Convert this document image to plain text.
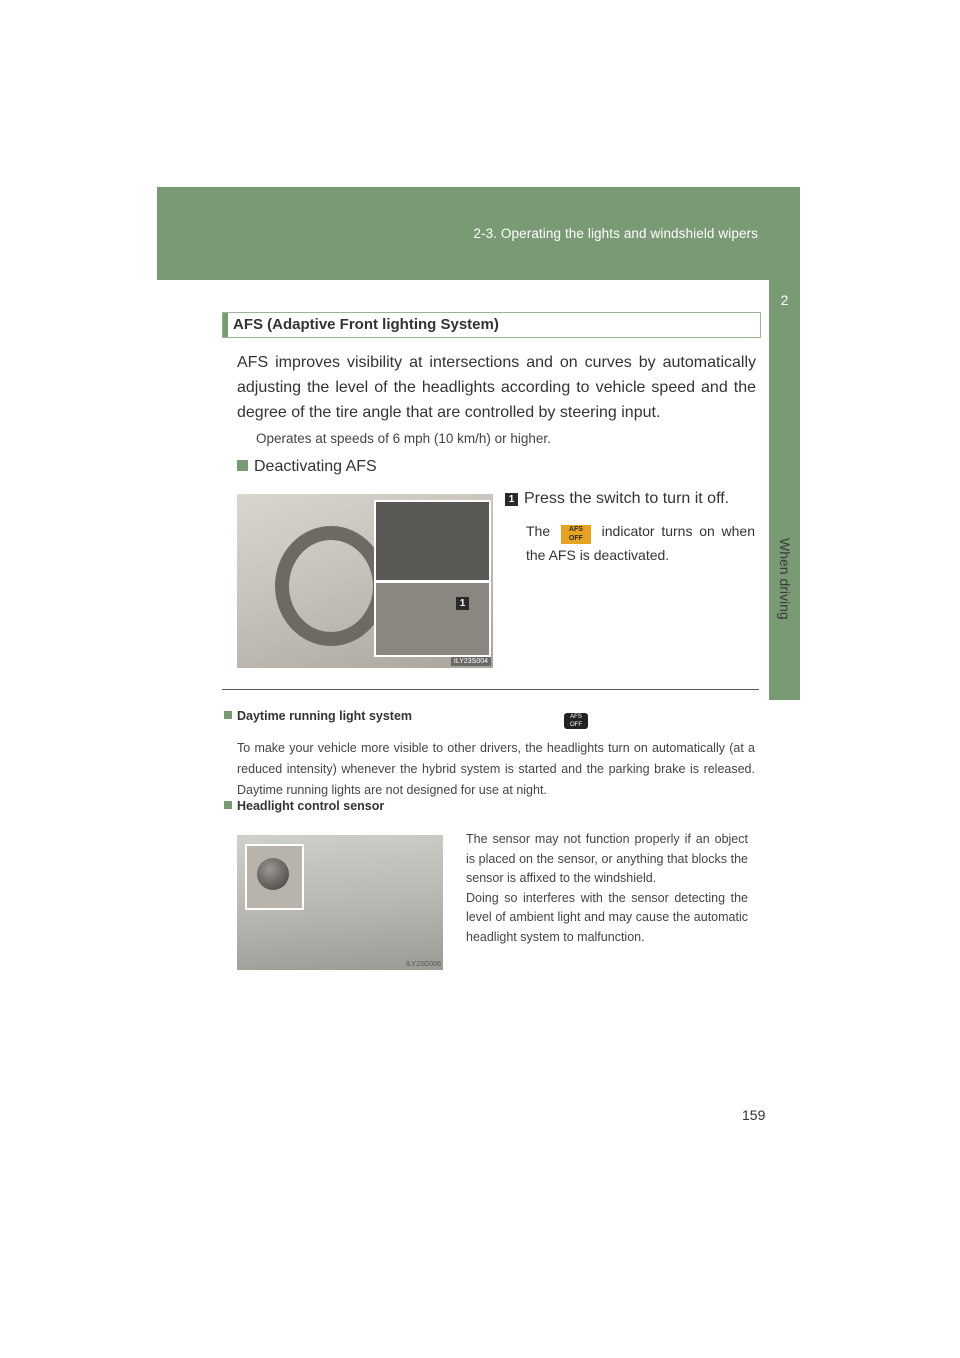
2-3. Operating the lights and windshield wipers
2
When driving
AFS (Adaptive Front lighting System)
AFS improves visibility at intersections and on curves by automatically adjusting the level of the headlights according to vehicle speed and the degree of the tire angle that are controlled by steering input.
Operates at speeds of 6 mph (10 km/h) or higher.
Deactivating AFS
AFS
OFF
1
ILY23S004
1 Press the switch to turn it off.
The	AFS
OFF	indicator turns on when the AFS is deactivated.
Daytime running light system
To make your vehicle more visible to other drivers, the headlights turn on automatically (at a reduced intensity) whenever the hybrid system is started and the parking brake is released. Daytime running lights are not designed for use at night.
Headlight control sensor
ILY23G006

The sensor may not function properly if an object is placed on the sensor, or anything that blocks the sensor is affixed to the windshield.

Doing so interferes with the sensor detecting the level of ambient light and may cause the automatic headlight system to malfunction.

159
